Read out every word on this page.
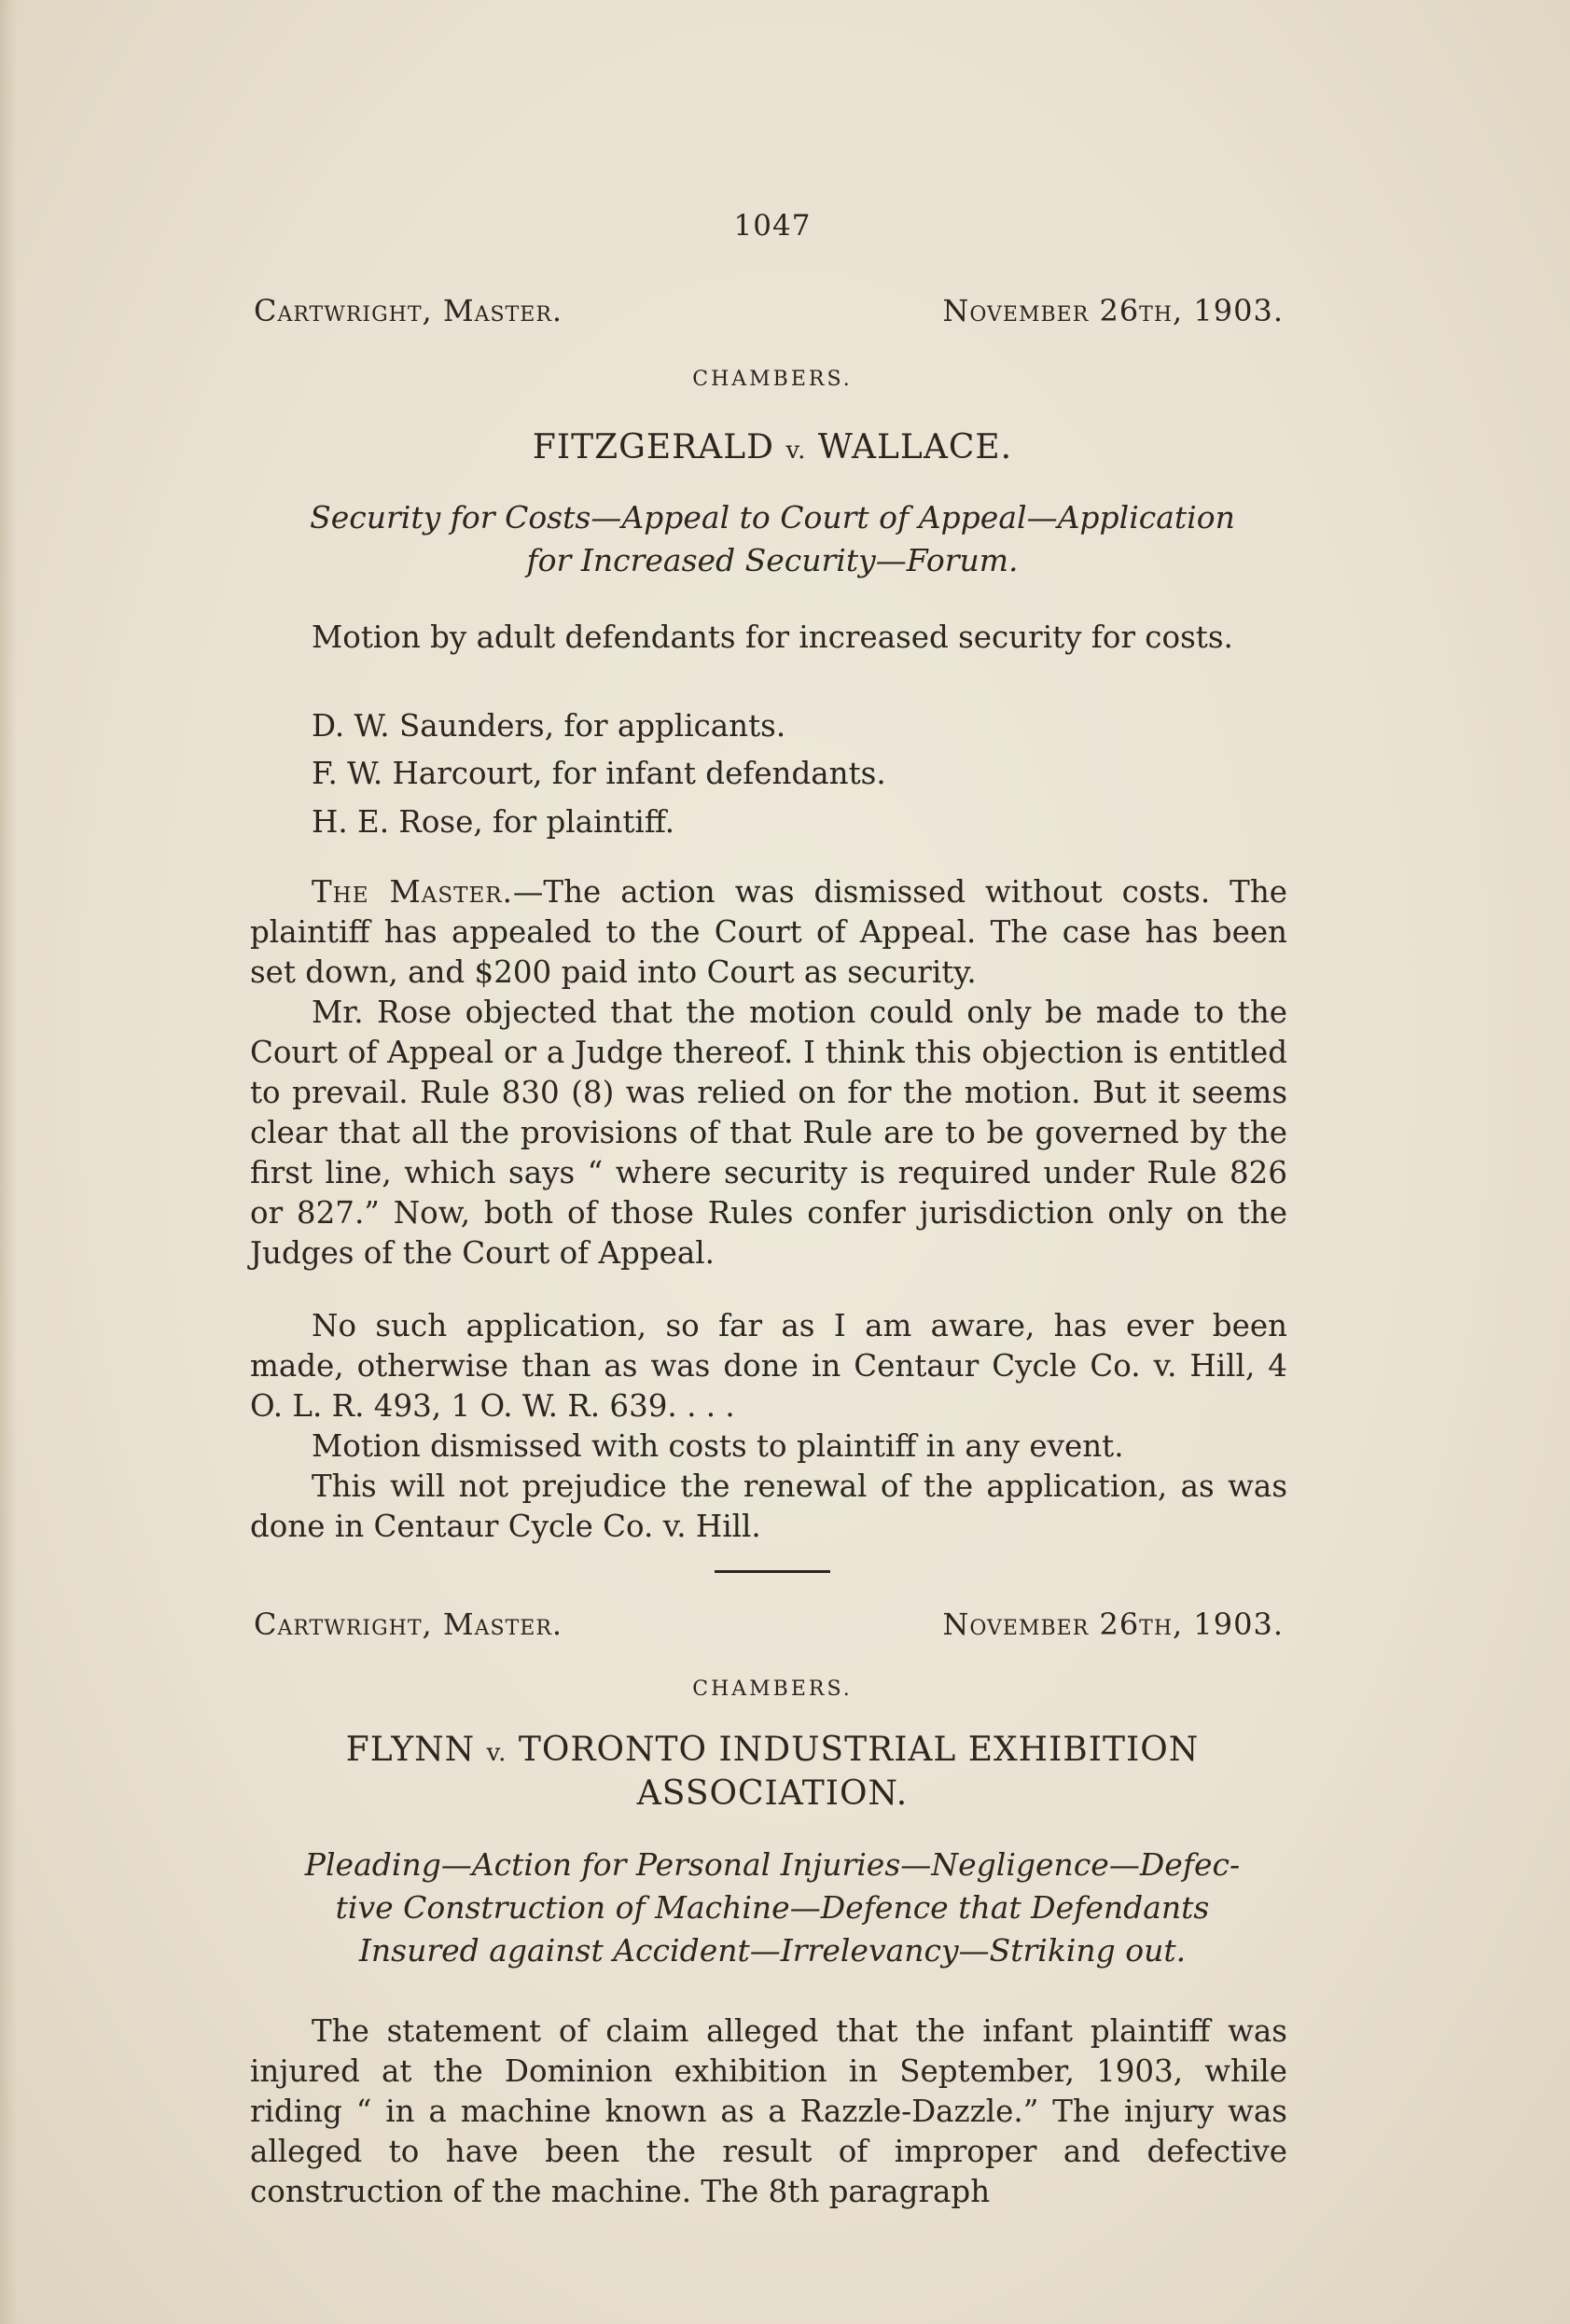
1047
Cartwright, Master.	November 26th, 1903.
CHAMBERS.
FITZGERALD v. WALLACE.
Security for Costs—Appeal to Court of Appeal—Application
for Increased Security—Forum.
Motion by adult defendants for increased security for costs.
D. W. Saunders, for applicants.
F. W. Harcourt, for infant defendants.
H. E. Rose, for plaintiff.
The Master.—The action was dismissed without costs. The plaintiff has appealed to the Court of Appeal. The case has been set down, and $200 paid into Court as security.
Mr. Rose objected that the motion could only be made to the Court of Appeal or a Judge thereof. I think this objection is entitled to prevail. Rule 830 (8) was relied on for the motion. But it seems clear that all the provisions of that Rule are to be governed by the first line, which says “ where security is required under Rule 826 or 827.” Now, both of those Rules confer jurisdiction only on the Judges of the Court of Appeal.
No such application, so far as I am aware, has ever been made, otherwise than as was done in Centaur Cycle Co. v. Hill, 4 O. L. R. 493, 1 O. W. R. 639. . . .
Motion dismissed with costs to plaintiff in any event.
This will not prejudice the renewal of the application, as was done in Centaur Cycle Co. v. Hill.
Cartwright, Master.	November 26th, 1903.
CHAMBERS.
FLYNN v. TORONTO INDUSTRIAL EXHIBITION
ASSOCIATION.
Pleading—Action for Personal Injuries—Negligence—Defec-
tive Construction of Machine—Defence that Defendants
Insured against Accident—Irrelevancy—Striking out.
The statement of claim alleged that the infant plaintiff was injured at the Dominion exhibition in September, 1903, while riding “ in a machine known as a Razzle-Dazzle.” The injury was alleged to have been the result of improper and defective construction of the machine. The 8th paragraph
